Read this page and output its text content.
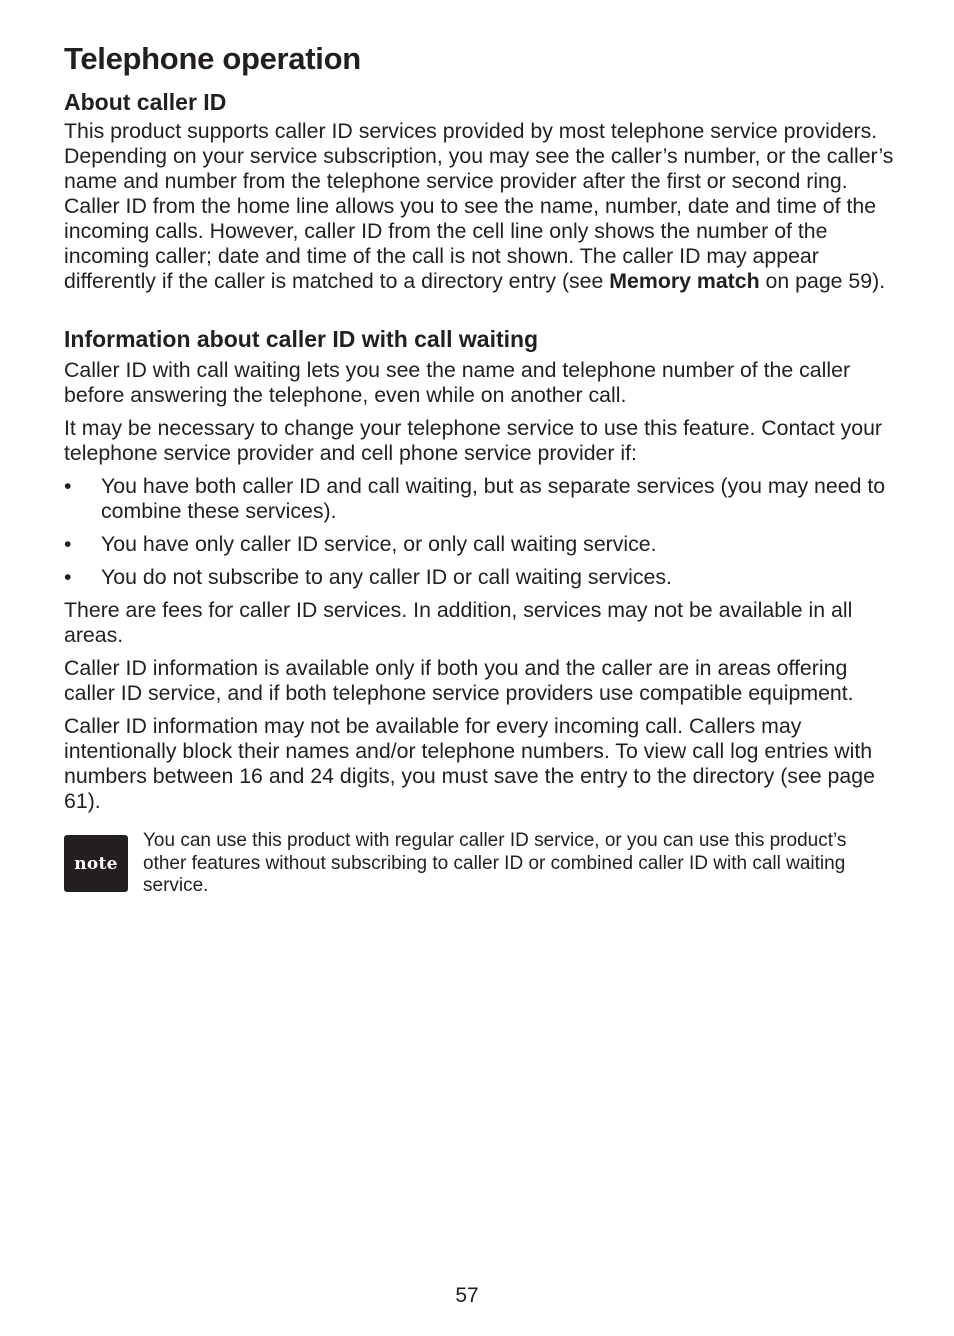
Telephone operation
About caller ID

This product supports caller ID services provided by most telephone service providers. Depending on your service subscription, you may see the caller’s number, or the caller’s name and number from the telephone service provider after the first or second ring. Caller ID from the home line allows you to see the name, number, date and time of the incoming calls. However, caller ID from the cell line only shows the number of the incoming caller; date and time of the call is not shown. The caller ID may appear differently if the caller is matched to a directory entry (see Memory match on page 59).

Information about caller ID with call waiting

Caller ID with call waiting lets you see the name and telephone number of the caller before answering the telephone, even while on another call.

It may be necessary to change your telephone service to use this feature. Contact your telephone service provider and cell phone service provider if:

• You have both caller ID and call waiting, but as separate services (you may need to combine these services).
• You have only caller ID service, or only call waiting service.
• You do not subscribe to any caller ID or call waiting services.

There are fees for caller ID services. In addition, services may not be available in all areas.

Caller ID information is available only if both you and the caller are in areas offering caller ID service, and if both telephone service providers use compatible equipment.

Caller ID information may not be available for every incoming call. Callers may intentionally block their names and/or telephone numbers. To view call log entries with numbers between 16 and 24 digits, you must save the entry to the directory (see page 61).

note
You can use this product with regular caller ID service, or you can use this product’s other features without subscribing to caller ID or combined caller ID with call waiting service.
57
